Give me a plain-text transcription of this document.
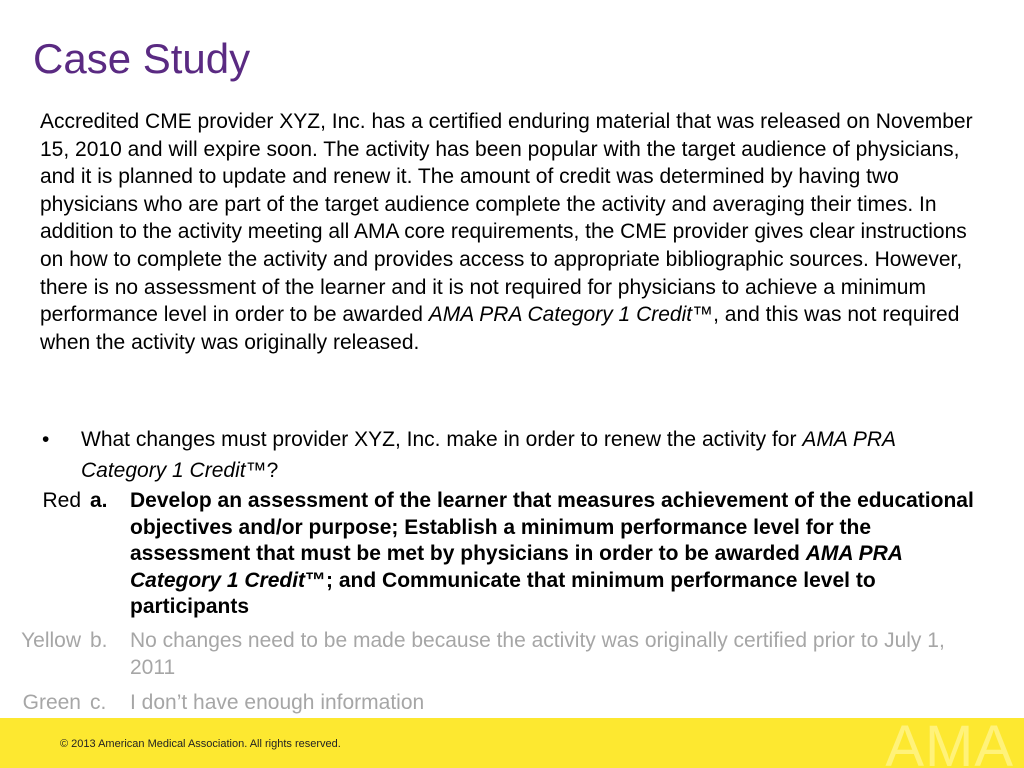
Case Study

Accredited CME provider XYZ, Inc. has a certified enduring material that was released on November 15, 2010 and will expire soon. The activity has been popular with the target audience of physicians, and it is planned to update and renew it. The amount of credit was determined by having two physicians who are part of the target audience complete the activity and averaging their times. In addition to the activity meeting all AMA core requirements, the CME provider gives clear instructions on how to complete the activity and provides access to appropriate bibliographic sources. However, there is no assessment of the learner and it is not required for physicians to achieve a minimum performance level in order to be awarded AMA PRA Category 1 Credit™, and this was not required when the activity was originally released.

• What changes must provider XYZ, Inc. make in order to renew the activity for AMA PRA Category 1 Credit™?
Red a. Develop an assessment of the learner that measures achievement of the educational objectives and/or purpose; Establish a minimum performance level for the assessment that must be met by physicians in order to be awarded AMA PRA Category 1 Credit™; and Communicate that minimum performance level to participants
Yellow b. No changes need to be made because the activity was originally certified prior to July 1, 2011
Green c. I don’t have enough information
© 2013 American Medical Association. All rights reserved.	AMA
